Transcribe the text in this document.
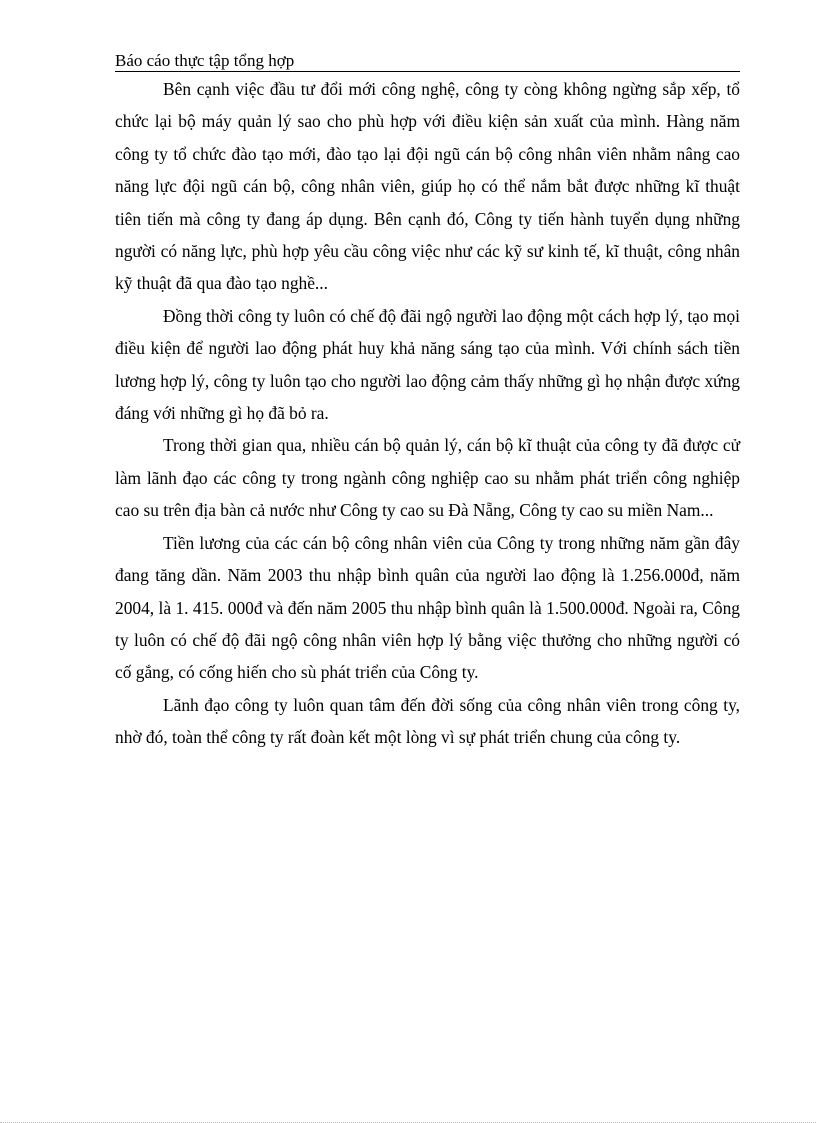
Báo cáo thực tập tổng hợp

Bên cạnh việc đầu tư đổi mới công nghệ, công ty còng không ngừng sắp xếp, tổ chức lại bộ máy quản lý sao cho phù hợp với điều kiện sản xuất của mình. Hàng năm công ty tổ chức đào tạo mới, đào tạo lại đội ngũ cán bộ công nhân viên nhằm nâng cao năng lực đội ngũ cán bộ, công nhân viên, giúp họ có thể nắm bắt được những kĩ thuật tiên tiến mà công ty đang áp dụng. Bên cạnh đó, Công ty tiến hành tuyển dụng những người có năng lực, phù hợp yêu cầu công việc như các kỹ sư kinh tế, kĩ thuật, công nhân kỹ thuật đã qua đào tạo nghề...

Đồng thời công ty luôn có chế độ đãi ngộ người lao động một cách hợp lý, tạo mọi điều kiện để người lao động phát huy khả năng sáng tạo của mình. Với chính sách tiền lương hợp lý, công ty luôn tạo cho người lao động cảm thấy những gì họ nhận được xứng đáng với những gì họ đã bỏ ra.

Trong thời gian qua, nhiều cán bộ quản lý, cán bộ kĩ thuật của công ty đã được cử làm lãnh đạo các công ty trong ngành công nghiệp cao su nhằm phát triển công nghiệp cao su trên địa bàn cả nước như Công ty cao su Đà Nẵng, Công ty cao su miền Nam...

Tiền lương của các cán bộ công nhân viên của Công ty trong những năm gần đây đang tăng dần. Năm 2003 thu nhập bình quân của người lao động là 1.256.000đ, năm 2004, là 1. 415. 000đ và đến năm 2005 thu nhập bình quân là 1.500.000đ. Ngoài ra, Công ty luôn có chế độ đãi ngộ công nhân viên hợp lý bằng việc thưởng cho những người có cố gắng, có cống hiến cho sù phát triển của Công ty.

Lãnh đạo công ty luôn quan tâm đến đời sống của công nhân viên trong công ty, nhờ đó, toàn thể công ty rất đoàn kết một lòng vì sự phát triển chung của công ty.
